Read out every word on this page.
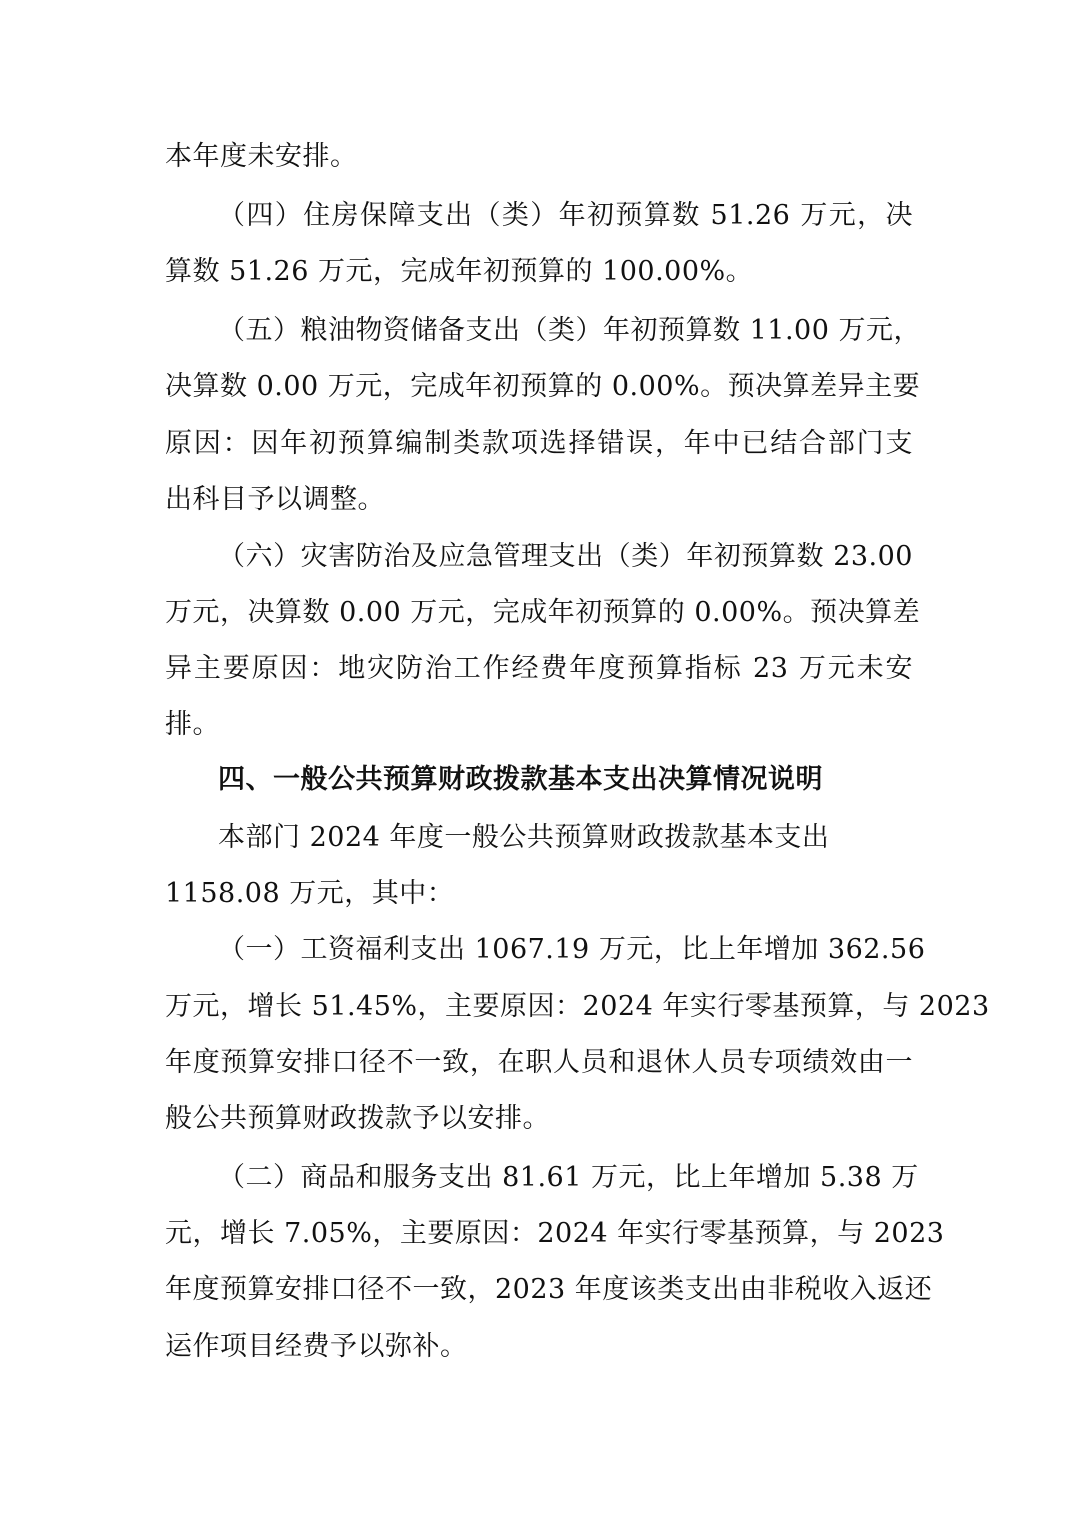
本年度未安排。
（四）住房保障支出（类）年初预算数 51.26 万元，决
算数 51.26 万元，完成年初预算的 100.00%。
（五）粮油物资储备支出（类）年初预算数 11.00 万元，
决算数 0.00 万元，完成年初预算的 0.00%。预决算差异主要
原因：因年初预算编制类款项选择错误，年中已结合部门支
出科目予以调整。
（六）灾害防治及应急管理支出（类）年初预算数 23.00
万元，决算数 0.00 万元，完成年初预算的 0.00%。预决算差
异主要原因：地灾防治工作经费年度预算指标 23 万元未安
排。
四、一般公共预算财政拨款基本支出决算情况说明
本部门 2024 年度一般公共预算财政拨款基本支出
1158.08 万元，其中：
（一）工资福利支出 1067.19 万元，比上年增加 362.56
万元，增长 51.45%，主要原因：2024 年实行零基预算，与 2023
年度预算安排口径不一致，在职人员和退休人员专项绩效由一
般公共预算财政拨款予以安排。
（二）商品和服务支出 81.61 万元，比上年增加 5.38 万
元，增长 7.05%，主要原因：2024 年实行零基预算，与 2023
年度预算安排口径不一致，2023 年度该类支出由非税收入返还
运作项目经费予以弥补。
